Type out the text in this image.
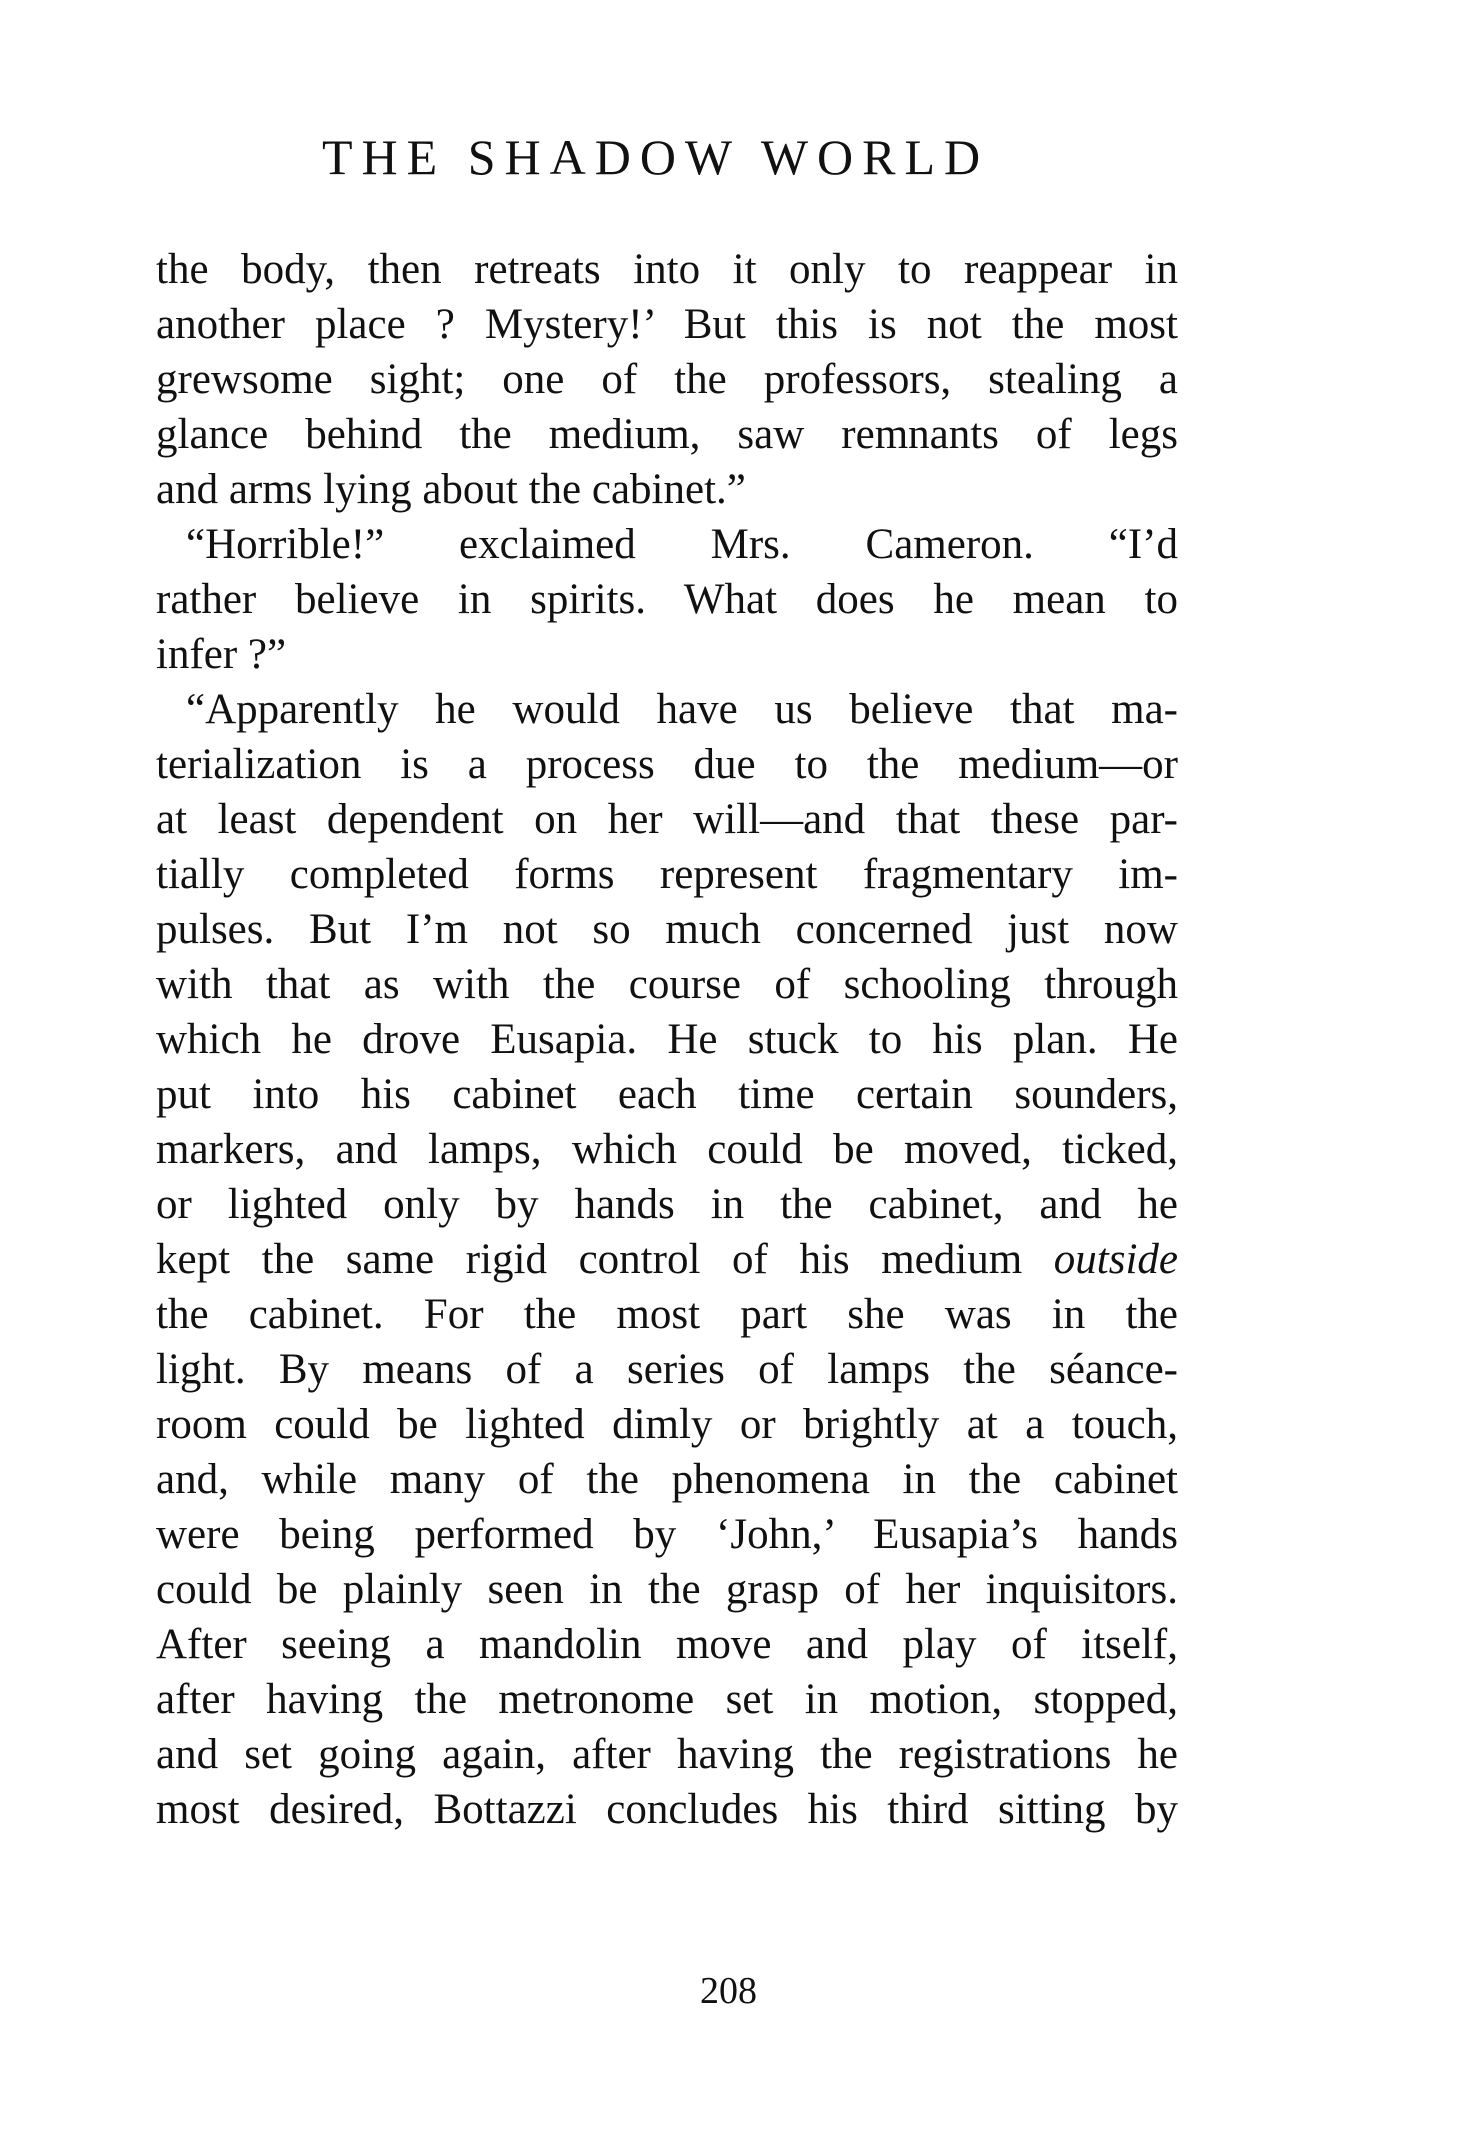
THE SHADOW WORLD
the body, then retreats into it only to reappear in
another place ? Mystery!’ But this is not the most
grewsome sight; one of the professors, stealing a
glance behind the medium, saw remnants of legs
and arms lying about the cabinet.”
“Horrible!” exclaimed Mrs. Cameron. “I’d
rather believe in spirits. What does he mean to
infer ?”
“Apparently he would have us believe that ma-
terialization is a process due to the medium—or
at least dependent on her will—and that these par-
tially completed forms represent fragmentary im-
pulses. But I’m not so much concerned just now
with that as with the course of schooling through
which he drove Eusapia. He stuck to his plan. He
put into his cabinet each time certain sounders,
markers, and lamps, which could be moved, ticked,
or lighted only by hands in the cabinet, and he
kept the same rigid control of his medium outside
the cabinet. For the most part she was in the
light. By means of a series of lamps the séance-
room could be lighted dimly or brightly at a touch,
and, while many of the phenomena in the cabinet
were being performed by ‘John,’ Eusapia’s hands
could be plainly seen in the grasp of her inquisitors.
After seeing a mandolin move and play of itself,
after having the metronome set in motion, stopped,
and set going again, after having the registrations he
most desired, Bottazzi concludes his third sitting by
208
